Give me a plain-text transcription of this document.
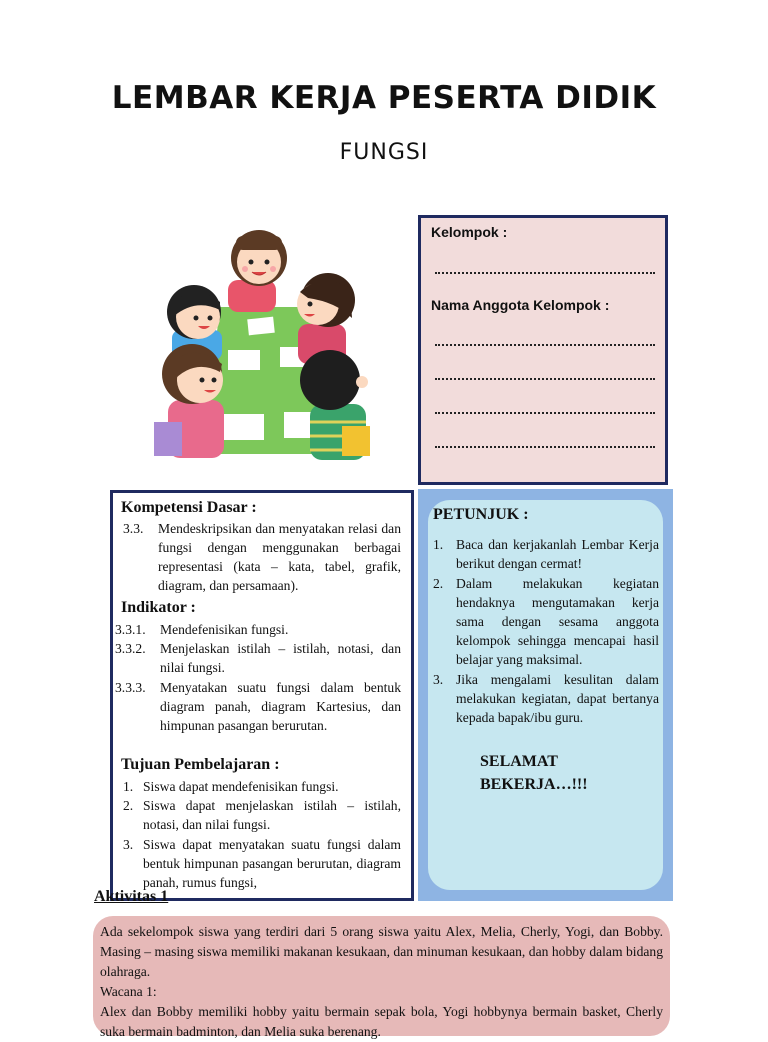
LEMBAR KERJA PESERTA DIDIK
FUNGSI
Kelompok :
Nama Anggota Kelompok :
Kompetensi Dasar :
3.3. Mendeskripsikan dan menyatakan relasi dan fungsi dengan menggunakan berbagai representasi (kata – kata, tabel, grafik, diagram, dan persamaan).
Indikator :
3.3.1. Mendefenisikan fungsi.
3.3.2. Menjelaskan istilah – istilah, notasi, dan nilai fungsi.
3.3.3. Menyatakan suatu fungsi dalam bentuk diagram panah, diagram Kartesius, dan himpunan pasangan berurutan.
Tujuan Pembelajaran :
1. Siswa dapat mendefenisikan fungsi.
2. Siswa dapat menjelaskan istilah – istilah, notasi, dan nilai fungsi.
3. Siswa dapat menyatakan suatu fungsi dalam bentuk himpunan pasangan berurutan, diagram panah, rumus fungsi,
PETUNJUK :
1. Baca dan kerjakanlah Lembar Kerja berikut dengan cermat!
2. Dalam melakukan kegiatan hendaknya mengutamakan kerja sama dengan sesama anggota kelompok sehingga mencapai hasil belajar yang maksimal.
3. Jika mengalami kesulitan dalam melakukan kegiatan, dapat bertanya kepada bapak/ibu guru.
SELAMAT BEKERJA…!!!
Aktivitas 1

Ada sekelompok siswa yang terdiri dari 5 orang siswa yaitu Alex, Melia, Cherly, Yogi, dan Bobby. Masing – masing siswa memiliki makanan kesukaan, dan minuman kesukaan, dan hobby dalam bidang olahraga.

Wacana 1:

Alex dan Bobby memiliki hobby yaitu bermain sepak bola, Yogi hobbynya bermain basket, Cherly suka bermain badminton, dan Melia suka berenang.
